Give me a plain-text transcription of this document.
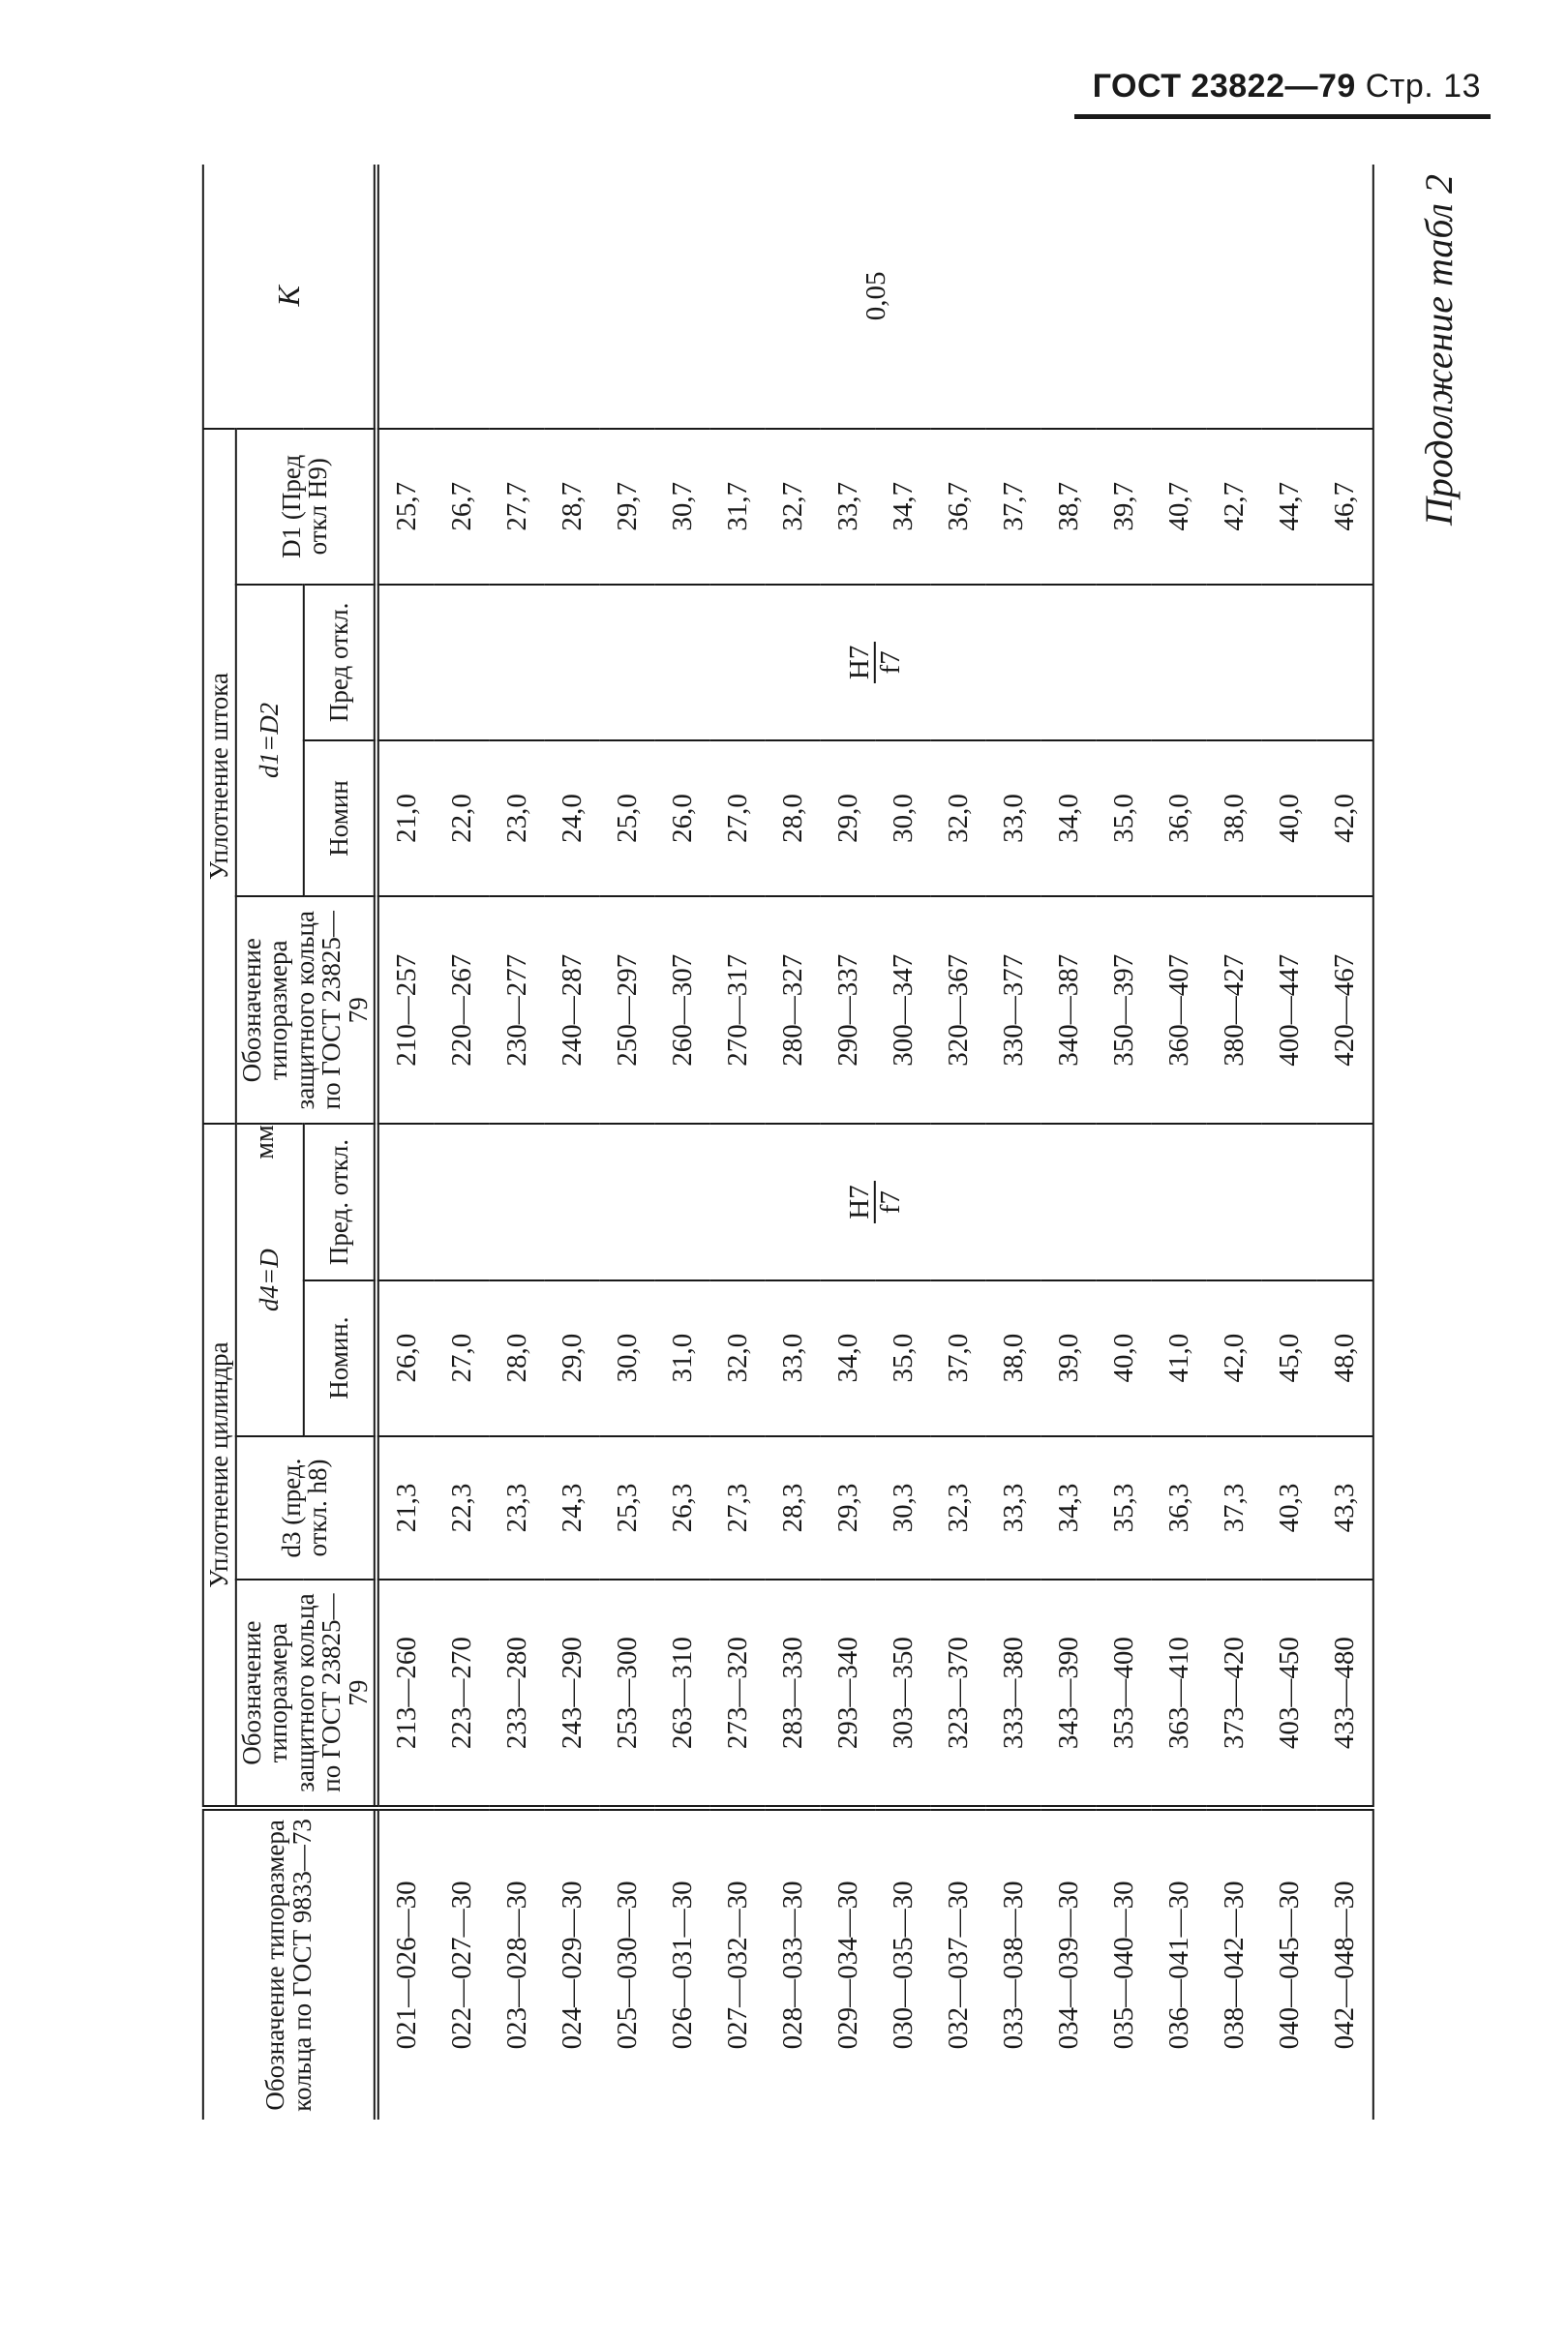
ГОСТ 23822—79 Стр. 13
Продолжение табл 2
Обозначение типоразмера кольца по ГОСТ 9833—73	Уплотнение цилиндра				Уплотнение штока				K
	Обозначение типоразмера защитного кольца по ГОСТ 23825—79	d3 (пред. откл. h8)	d4=D		Обозначение типоразмера защитного кольца по ГОСТ 23825—79	d1=D2		D1 (Пред откл H9)	
			Номин.	Пред. откл.		Номин	Пред откл.		
021—026—30	213—260	21,3	26,0	H7 f7	210—257	21,0	H7 f7	25,7	0,05
022—027—30	223—270	22,3	27,0		220—267	22,0		26,7	
023—028—30	233—280	23,3	28,0		230—277	23,0		27,7	
024—029—30	243—290	24,3	29,0		240—287	24,0		28,7	
025—030—30	253—300	25,3	30,0		250—297	25,0		29,7	
026—031—30	263—310	26,3	31,0		260—307	26,0		30,7	
027—032—30	273—320	27,3	32,0		270—317	27,0		31,7	
028—033—30	283—330	28,3	33,0		280—327	28,0		32,7	
029—034—30	293—340	29,3	34,0		290—337	29,0		33,7	
030—035—30	303—350	30,3	35,0		300—347	30,0		34,7	
032—037—30	323—370	32,3	37,0		320—367	32,0		36,7	
033—038—30	333—380	33,3	38,0		330—377	33,0		37,7	
034—039—30	343—390	34,3	39,0		340—387	34,0		38,7	
035—040—30	353—400	35,3	40,0		350—397	35,0		39,7	
036—041—30	363—410	36,3	41,0		360—407	36,0		40,7	
038—042—30	373—420	37,3	42,0		380—427	38,0		42,7	
040—045—30	403—450	40,3	45,0		400—447	40,0		44,7	
042—048—30	433—480	43,3	48,0		420—467	42,0		46,7	
мм
